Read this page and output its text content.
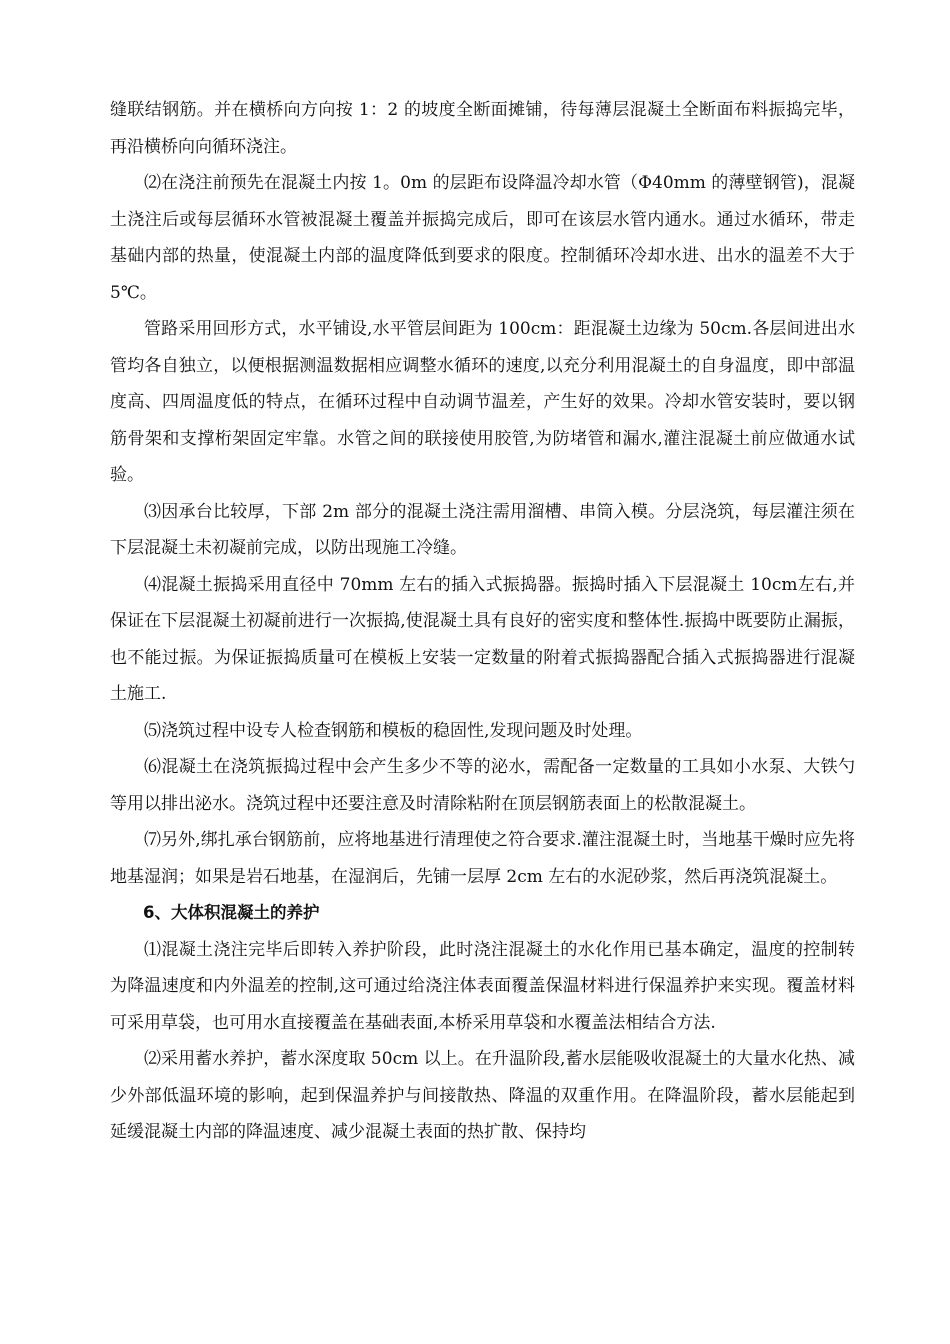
缝联结钢筋。并在横桥向方向按 1：2 的坡度全断面摊铺，待每薄层混凝土全断面布料振捣完毕，再沿横桥向向循环浇注。

⑵在浇注前预先在混凝土内按 1。0m 的层距布设降温冷却水管（Φ40mm 的薄壁钢管)，混凝土浇注后或每层循环水管被混凝土覆盖并振捣完成后，即可在该层水管内通水。通过水循环，带走基础内部的热量，使混凝土内部的温度降低到要求的限度。控制循环冷却水进、出水的温差不大于 5℃。

管路采用回形方式，水平铺设,水平管层间距为 100cm：距混凝土边缘为 50cm.各层间进出水管均各自独立，以便根据测温数据相应调整水循环的速度,以充分利用混凝土的自身温度，即中部温度高、四周温度低的特点，在循环过程中自动调节温差，产生好的效果。冷却水管安装时，要以钢筋骨架和支撑桁架固定牢靠。水管之间的联接使用胶管,为防堵管和漏水,灌注混凝土前应做通水试验。

⑶因承台比较厚，下部 2m 部分的混凝土浇注需用溜槽、串筒入模。分层浇筑，每层灌注须在下层混凝土未初凝前完成，以防出现施工冷缝。

⑷混凝土振捣采用直径中 70mm 左右的插入式振捣器。振捣时插入下层混凝土 10cm左右,并保证在下层混凝土初凝前进行一次振捣,使混凝土具有良好的密实度和整体性.振捣中既要防止漏振，也不能过振。为保证振捣质量可在模板上安装一定数量的附着式振捣器配合插入式振捣器进行混凝土施工.

⑸浇筑过程中设专人检查钢筋和模板的稳固性,发现问题及时处理。

⑹混凝土在浇筑振捣过程中会产生多少不等的泌水，需配备一定数量的工具如小水泵、大铁勺等用以排出泌水。浇筑过程中还要注意及时清除粘附在顶层钢筋表面上的松散混凝土。

⑺另外,绑扎承台钢筋前，应将地基进行清理使之符合要求.灌注混凝土时，当地基干燥时应先将地基湿润；如果是岩石地基，在湿润后，先铺一层厚 2cm 左右的水泥砂浆，然后再浇筑混凝土。

6、大体积混凝土的养护

⑴混凝土浇注完毕后即转入养护阶段，此时浇注混凝土的水化作用已基本确定，温度的控制转为降温速度和内外温差的控制,这可通过给浇注体表面覆盖保温材料进行保温养护来实现。覆盖材料可采用草袋，也可用水直接覆盖在基础表面,本桥采用草袋和水覆盖法相结合方法.

⑵采用蓄水养护，蓄水深度取 50cm 以上。在升温阶段,蓄水层能吸收混凝土的大量水化热、减少外部低温环境的影响，起到保温养护与间接散热、降温的双重作用。在降温阶段，蓄水层能起到延缓混凝土内部的降温速度、减少混凝土表面的热扩散、保持均
